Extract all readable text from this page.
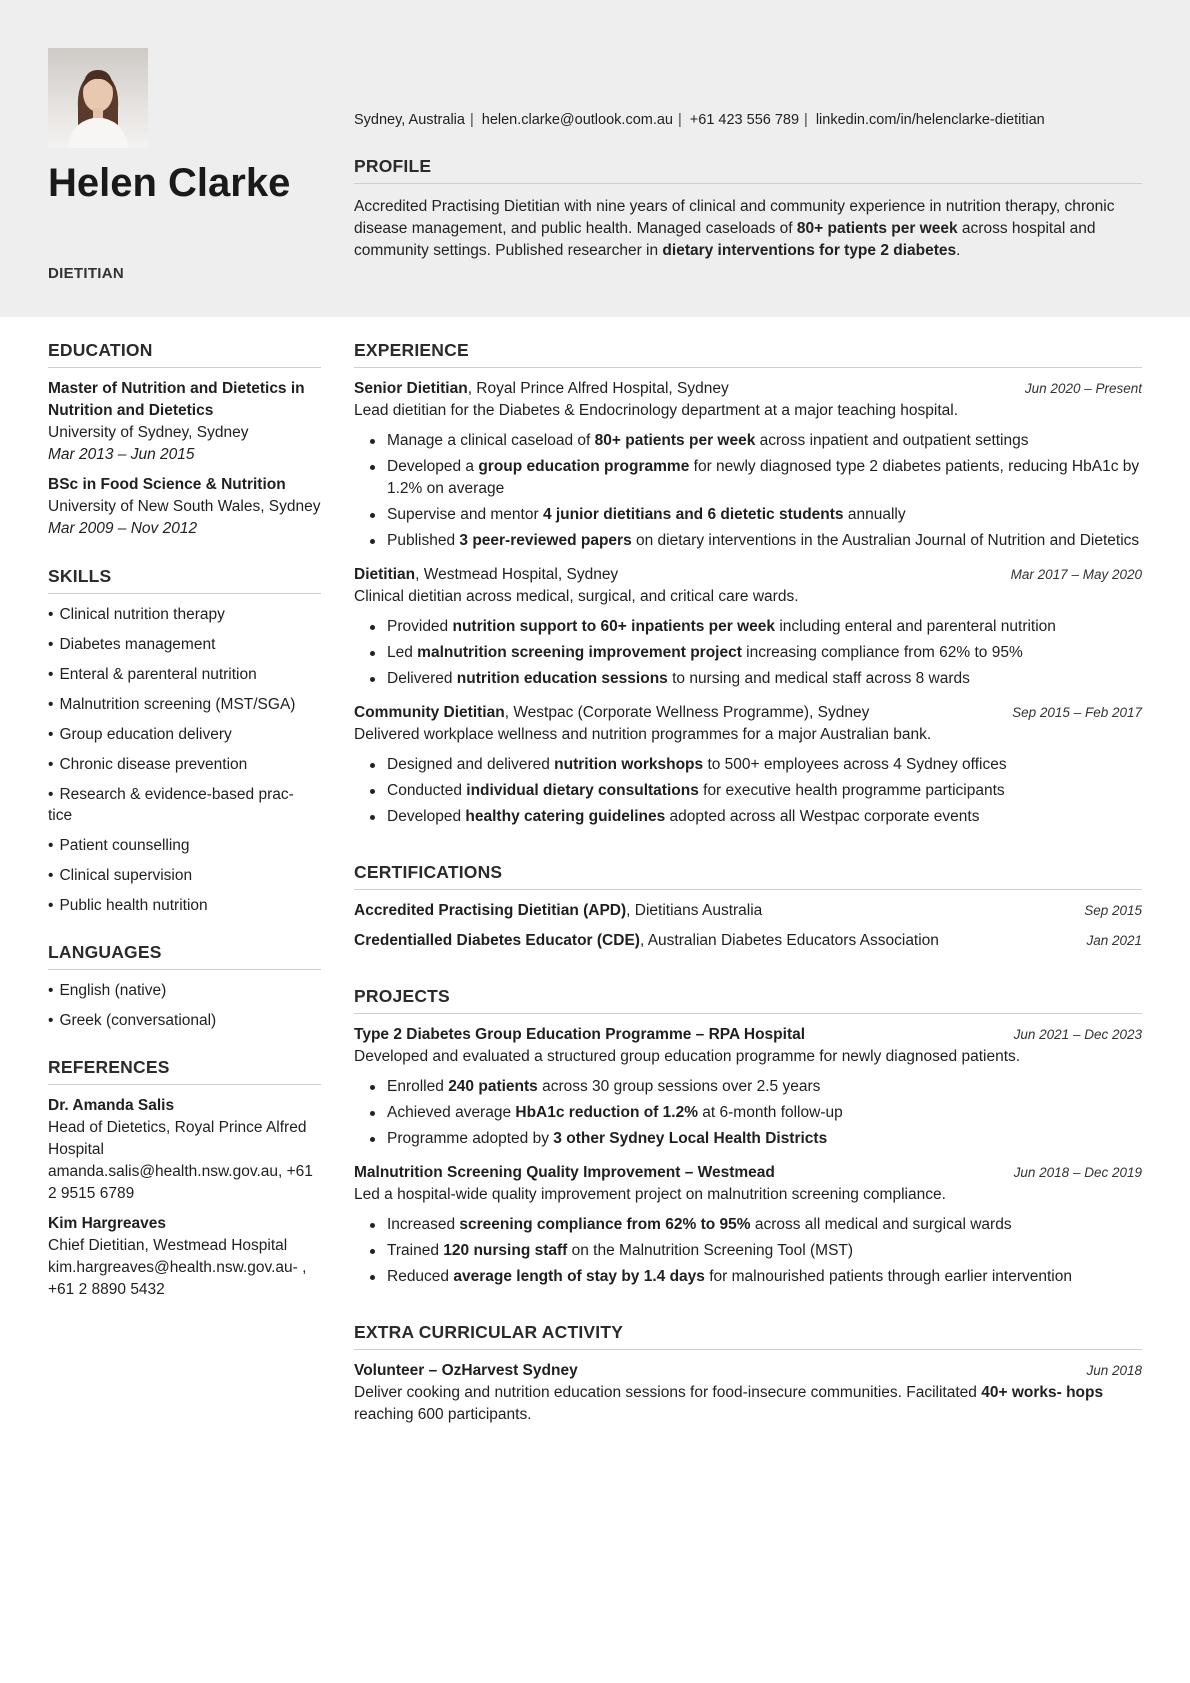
Helen Clarke
DIETITIAN
Sydney, Australia | helen.clarke@outlook.com.au | +61 423 556 789 | linkedin.com/in/helenclarke-dietitian
PROFILE
Accredited Practising Dietitian with nine years of clinical and community experience in nutrition therapy, chronic disease management, and public health. Managed caseloads of 80+ patients per week across hospital and community settings. Published researcher in dietary interventions for type 2 diabetes.
EDUCATION
Master of Nutrition and Dietetics in Nutrition and Dietetics
University of Sydney, Sydney
Mar 2013 – Jun 2015
BSc in Food Science & Nutrition
University of New South Wales, Sydney
Mar 2009 – Nov 2012
SKILLS
• Clinical nutrition therapy
• Diabetes management
• Enteral & parenteral nutrition
• Malnutrition screening (MST/SGA)
• Group education delivery
• Chronic disease prevention
• Research & evidence-based prac- tice
• Patient counselling
• Clinical supervision
• Public health nutrition
LANGUAGES
• English (native)
• Greek (conversational)
REFERENCES
Dr. Amanda Salis
Head of Dietetics, Royal Prince Alfred Hospital
amanda.salis@health.nsw.gov.au, +61 2 9515 6789
Kim Hargreaves
Chief Dietitian, Westmead Hospital
kim.hargreaves@health.nsw.gov.au- , +61 2 8890 5432
EXPERIENCE
Senior Dietitian, Royal Prince Alfred Hospital, Sydney	Jun 2020 – Present
Lead dietitian for the Diabetes & Endocrinology department at a major teaching hospital.
Manage a clinical caseload of 80+ patients per week across inpatient and outpatient settings
Developed a group education programme for newly diagnosed type 2 diabetes patients, reducing HbA1c by 1.2% on average
Supervise and mentor 4 junior dietitians and 6 dietetic students annually
Published 3 peer-reviewed papers on dietary interventions in the Australian Journal of Nutrition and Dietetics
Dietitian, Westmead Hospital, Sydney	Mar 2017 – May 2020
Clinical dietitian across medical, surgical, and critical care wards.
Provided nutrition support to 60+ inpatients per week including enteral and parenteral nutrition
Led malnutrition screening improvement project increasing compliance from 62% to 95%
Delivered nutrition education sessions to nursing and medical staff across 8 wards
Community Dietitian, Westpac (Corporate Wellness Programme), Sydney	Sep 2015 – Feb 2017
Delivered workplace wellness and nutrition programmes for a major Australian bank.
Designed and delivered nutrition workshops to 500+ employees across 4 Sydney offices
Conducted individual dietary consultations for executive health programme participants
Developed healthy catering guidelines adopted across all Westpac corporate events
CERTIFICATIONS
Accredited Practising Dietitian (APD), Dietitians Australia	Sep 2015
Credentialled Diabetes Educator (CDE), Australian Diabetes Educators Association	Jan 2021
PROJECTS
Type 2 Diabetes Group Education Programme – RPA Hospital	Jun 2021 – Dec 2023
Developed and evaluated a structured group education programme for newly diagnosed patients.
Enrolled 240 patients across 30 group sessions over 2.5 years
Achieved average HbA1c reduction of 1.2% at 6-month follow-up
Programme adopted by 3 other Sydney Local Health Districts
Malnutrition Screening Quality Improvement – Westmead	Jun 2018 – Dec 2019
Led a hospital-wide quality improvement project on malnutrition screening compliance.
Increased screening compliance from 62% to 95% across all medical and surgical wards
Trained 120 nursing staff on the Malnutrition Screening Tool (MST)
Reduced average length of stay by 1.4 days for malnourished patients through earlier intervention
EXTRA CURRICULAR ACTIVITY
Volunteer – OzHarvest Sydney	Jun 2018
Deliver cooking and nutrition education sessions for food-insecure communities. Facilitated 40+ works- hops reaching 600 participants.
